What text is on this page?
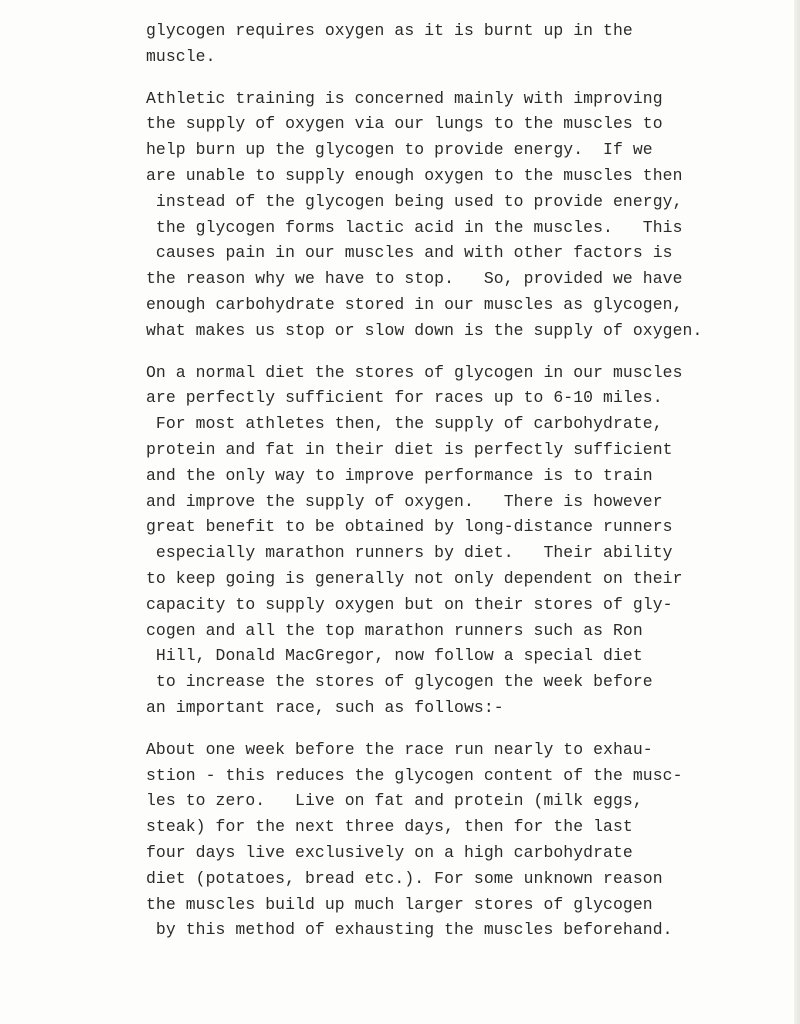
glycogen requires oxygen as it is burnt up in the
muscle.
Athletic training is concerned mainly with improving
the supply of oxygen via our lungs to the muscles to
help burn up the glycogen to provide energy.  If we
are unable to supply enough oxygen to the muscles then
instead of the glycogen being used to provide energy,
the glycogen forms lactic acid in the muscles.   This
causes pain in our muscles and with other factors is
the reason why we have to stop.   So, provided we have
enough carbohydrate stored in our muscles as glycogen,
what makes us stop or slow down is the supply of oxygen.
On a normal diet the stores of glycogen in our muscles
are perfectly sufficient for races up to 6-10 miles.
For most athletes then, the supply of carbohydrate,
protein and fat in their diet is perfectly sufficient
and the only way to improve performance is to train
and improve the supply of oxygen.   There is however
great benefit to be obtained by long-distance runners
especially marathon runners by diet.   Their ability
to keep going is generally not only dependent on their
capacity to supply oxygen but on their stores of gly-
cogen and all the top marathon runners such as Ron
Hill, Donald MacGregor, now follow a special diet
to increase the stores of glycogen the week before
an important race, such as follows:-
About one week before the race run nearly to exhau-
stion - this reduces the glycogen content of the musc-
les to zero.   Live on fat and protein (milk eggs,
steak) for the next three days, then for the last
four days live exclusively on a high carbohydrate
diet (potatoes, bread etc.). For some unknown reason
the muscles build up much larger stores of glycogen
by this method of exhausting the muscles beforehand.
